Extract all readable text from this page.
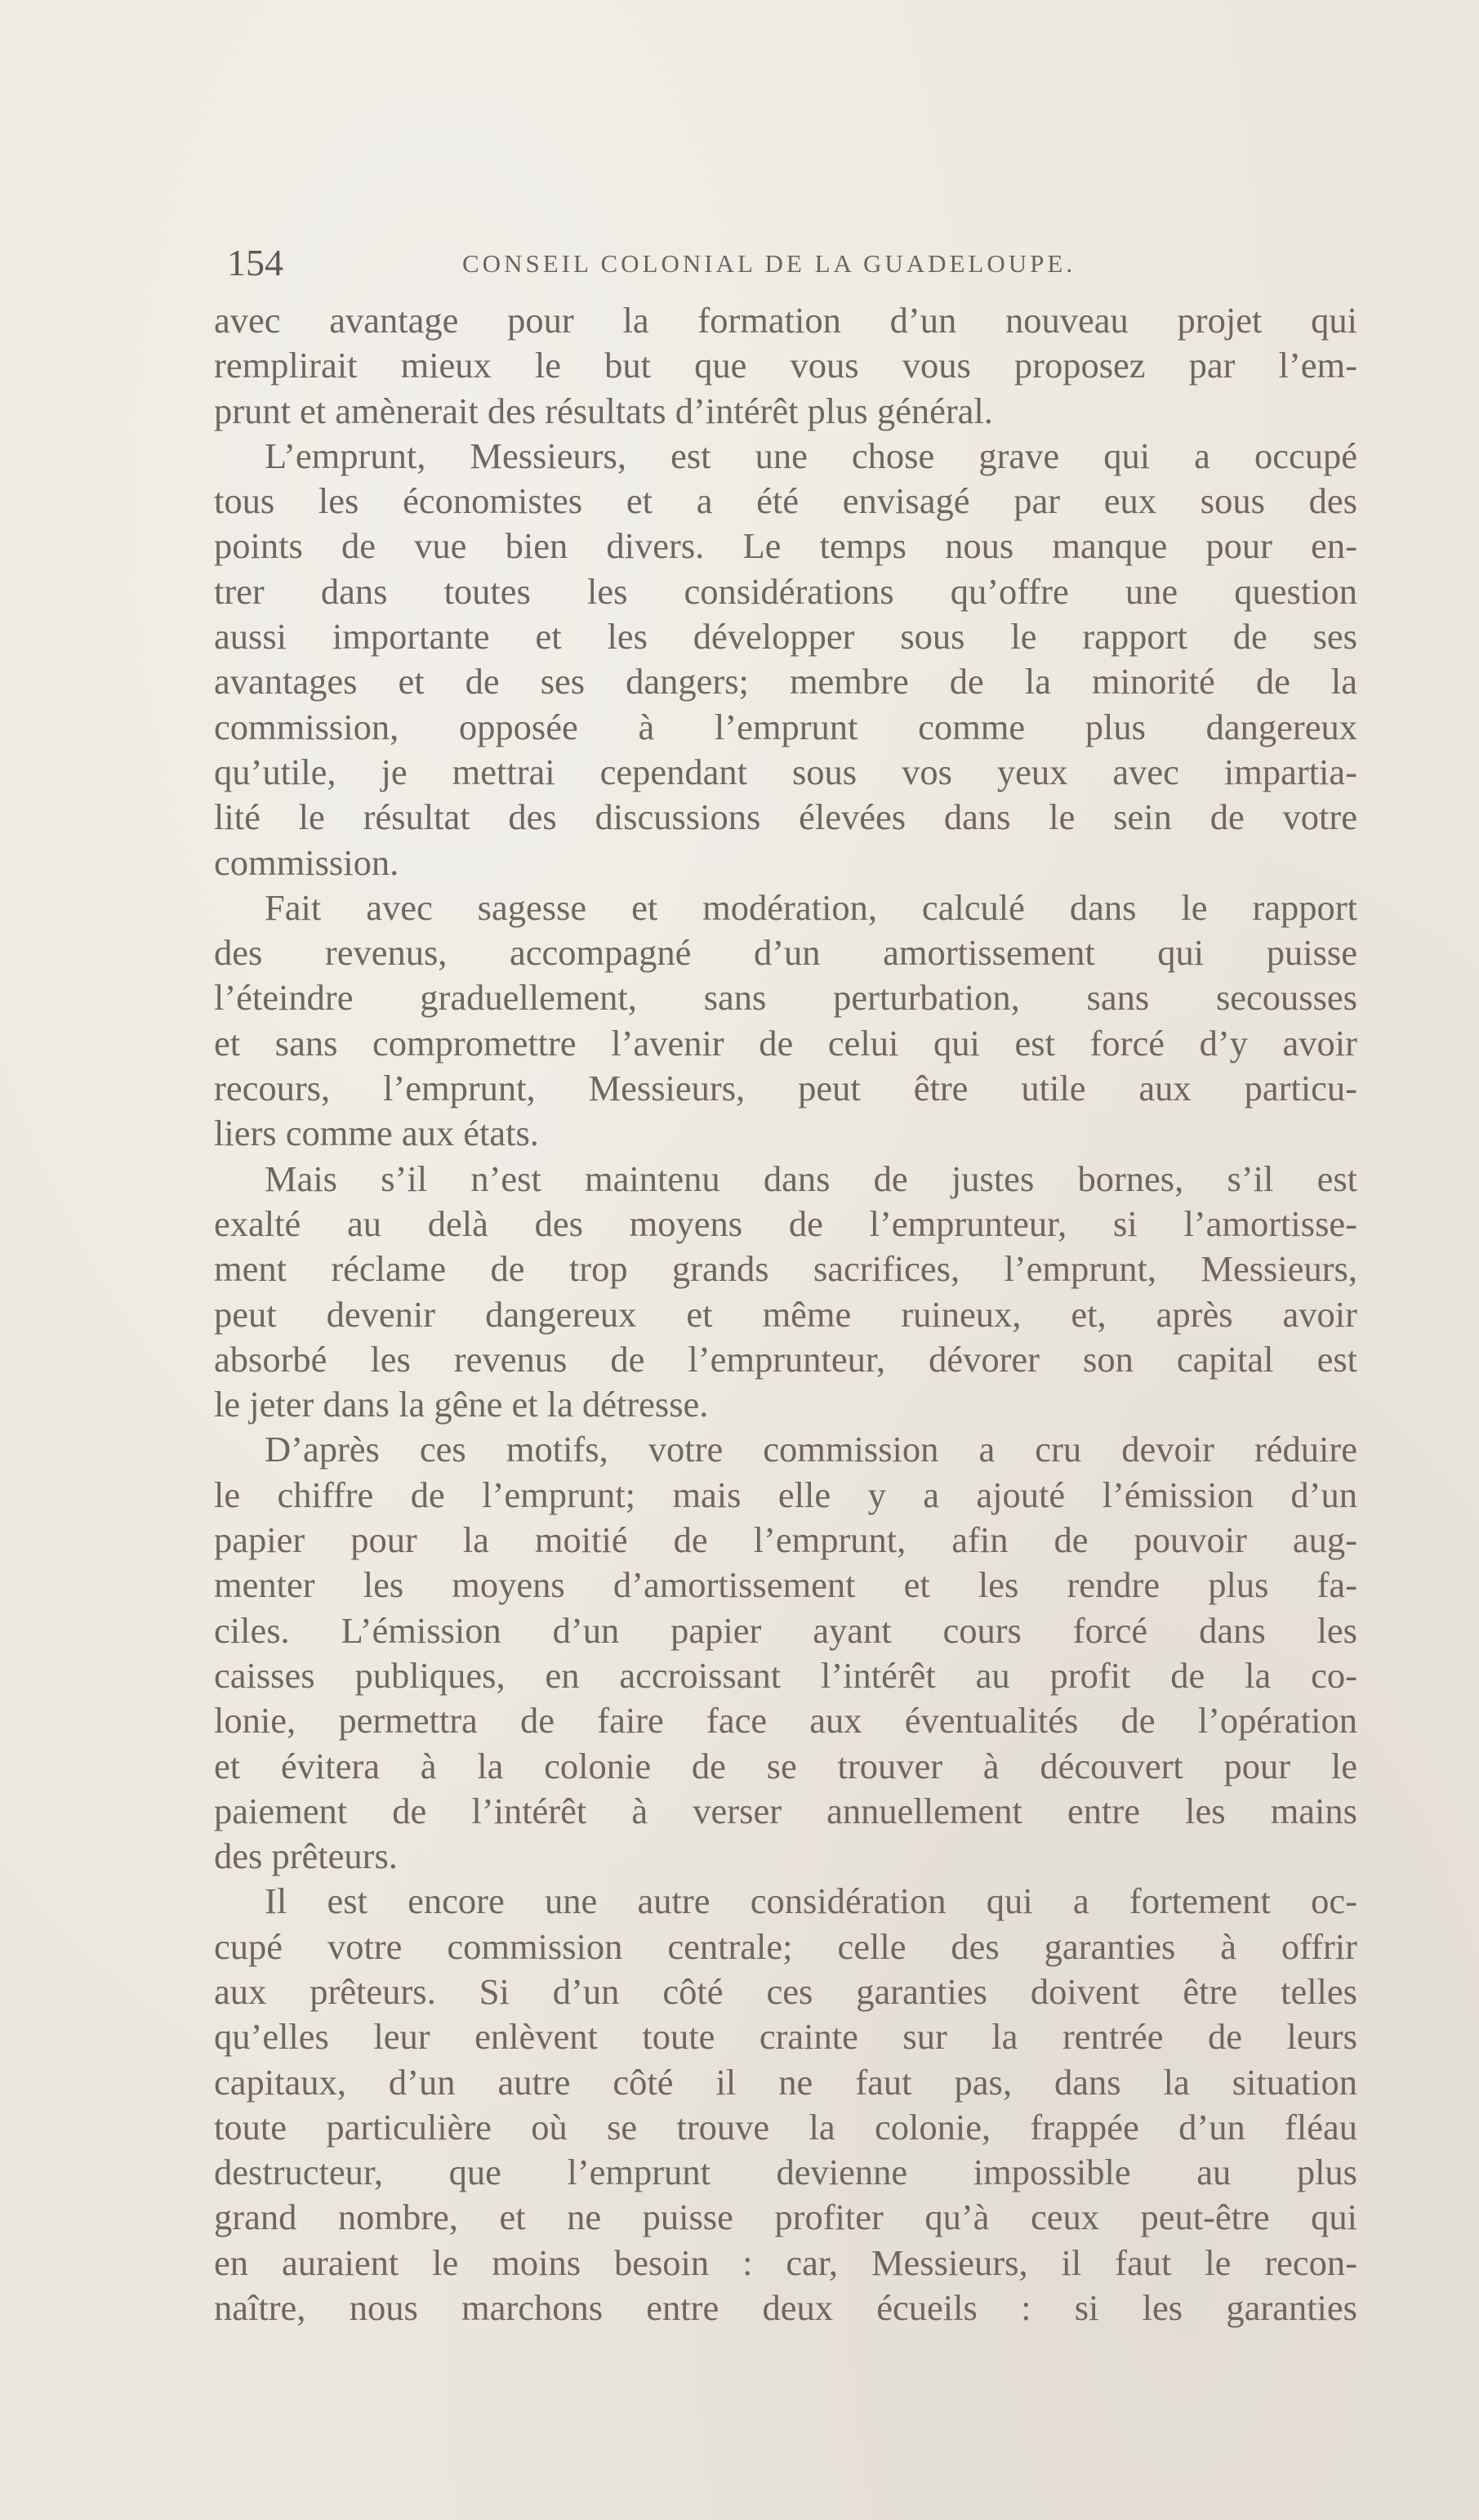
154	CONSEIL COLONIAL DE LA GUADELOUPE.
avec avantage pour la formation d’un nouveau projet qui
remplirait mieux le but que vous vous proposez par l’em-
prunt et amènerait des résultats d’intérêt plus général.
L’emprunt, Messieurs, est une chose grave qui a occupé
tous les économistes et a été envisagé par eux sous des
points de vue bien divers. Le temps nous manque pour en-
trer dans toutes les considérations qu’offre une question
aussi importante et les développer sous le rapport de ses
avantages et de ses dangers; membre de la minorité de la
commission, opposée à l’emprunt comme plus dangereux
qu’utile, je mettrai cependant sous vos yeux avec impartia-
lité le résultat des discussions élevées dans le sein de votre
commission.
Fait avec sagesse et modération, calculé dans le rapport
des revenus, accompagné d’un amortissement qui puisse
l’éteindre graduellement, sans perturbation, sans secousses
et sans compromettre l’avenir de celui qui est forcé d’y avoir
recours, l’emprunt, Messieurs, peut être utile aux particu-
liers comme aux états.
Mais s’il n’est maintenu dans de justes bornes, s’il est
exalté au delà des moyens de l’emprunteur, si l’amortisse-
ment réclame de trop grands sacrifices, l’emprunt, Messieurs,
peut devenir dangereux et même ruineux, et, après avoir
absorbé les revenus de l’emprunteur, dévorer son capital est
le jeter dans la gêne et la détresse.
D’après ces motifs, votre commission a cru devoir réduire
le chiffre de l’emprunt; mais elle y a ajouté l’émission d’un
papier pour la moitié de l’emprunt, afin de pouvoir aug-
menter les moyens d’amortissement et les rendre plus fa-
ciles. L’émission d’un papier ayant cours forcé dans les
caisses publiques, en accroissant l’intérêt au profit de la co-
lonie, permettra de faire face aux éventualités de l’opération
et évitera à la colonie de se trouver à découvert pour le
paiement de l’intérêt à verser annuellement entre les mains
des prêteurs.
Il est encore une autre considération qui a fortement oc-
cupé votre commission centrale; celle des garanties à offrir
aux prêteurs. Si d’un côté ces garanties doivent être telles
qu’elles leur enlèvent toute crainte sur la rentrée de leurs
capitaux, d’un autre côté il ne faut pas, dans la situation
toute particulière où se trouve la colonie, frappée d’un fléau
destructeur, que l’emprunt devienne impossible au plus
grand nombre, et ne puisse profiter qu’à ceux peut-être qui
en auraient le moins besoin : car, Messieurs, il faut le recon-
naître, nous marchons entre deux écueils : si les garanties
